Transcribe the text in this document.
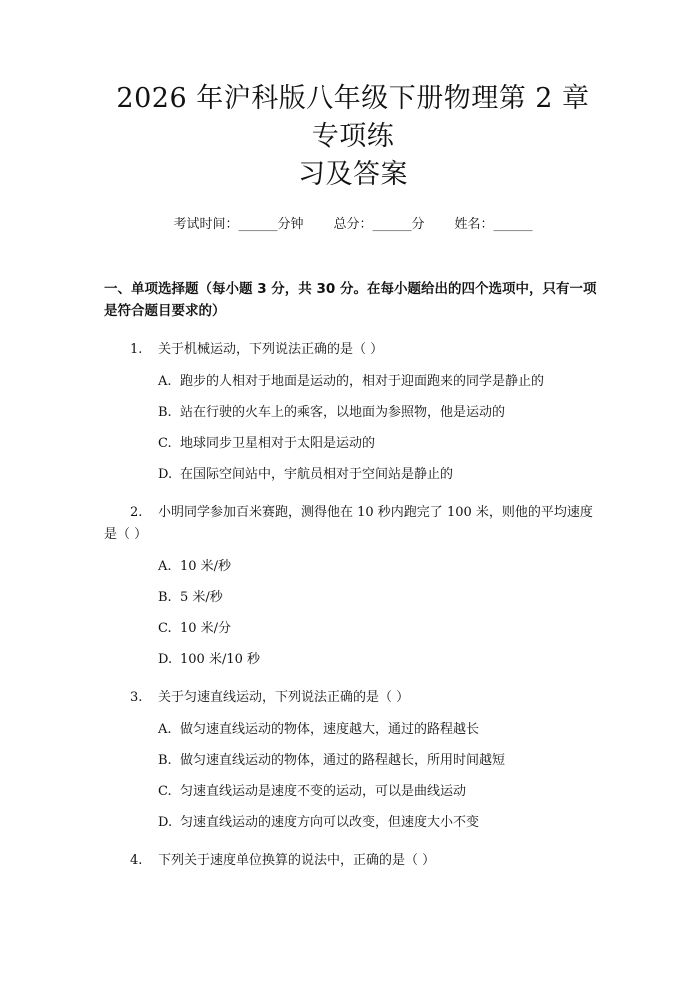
2026 年沪科版八年级下册物理第 2 章专项练
习及答案
考试时间：______分钟 总分：______分 姓名：______
一、单项选择题（每小题 3 分，共 30 分。在每小题给出的四个选项中，只有一项是符合题目要求的）
1. 关于机械运动，下列说法正确的是（ ）
A. 跑步的人相对于地面是运动的，相对于迎面跑来的同学是静止的
B. 站在行驶的火车上的乘客，以地面为参照物，他是运动的
C. 地球同步卫星相对于太阳是运动的
D. 在国际空间站中，宇航员相对于空间站是静止的
2. 小明同学参加百米赛跑，测得他在 10 秒内跑完了 100 米，则他的平均速度是（ ）
A. 10 米/秒
B. 5 米/秒
C. 10 米/分
D. 100 米/10 秒
3. 关于匀速直线运动，下列说法正确的是（ ）
A. 做匀速直线运动的物体，速度越大，通过的路程越长
B. 做匀速直线运动的物体，通过的路程越长，所用时间越短
C. 匀速直线运动是速度不变的运动，可以是曲线运动
D. 匀速直线运动的速度方向可以改变，但速度大小不变
4. 下列关于速度单位换算的说法中，正确的是（ ）
